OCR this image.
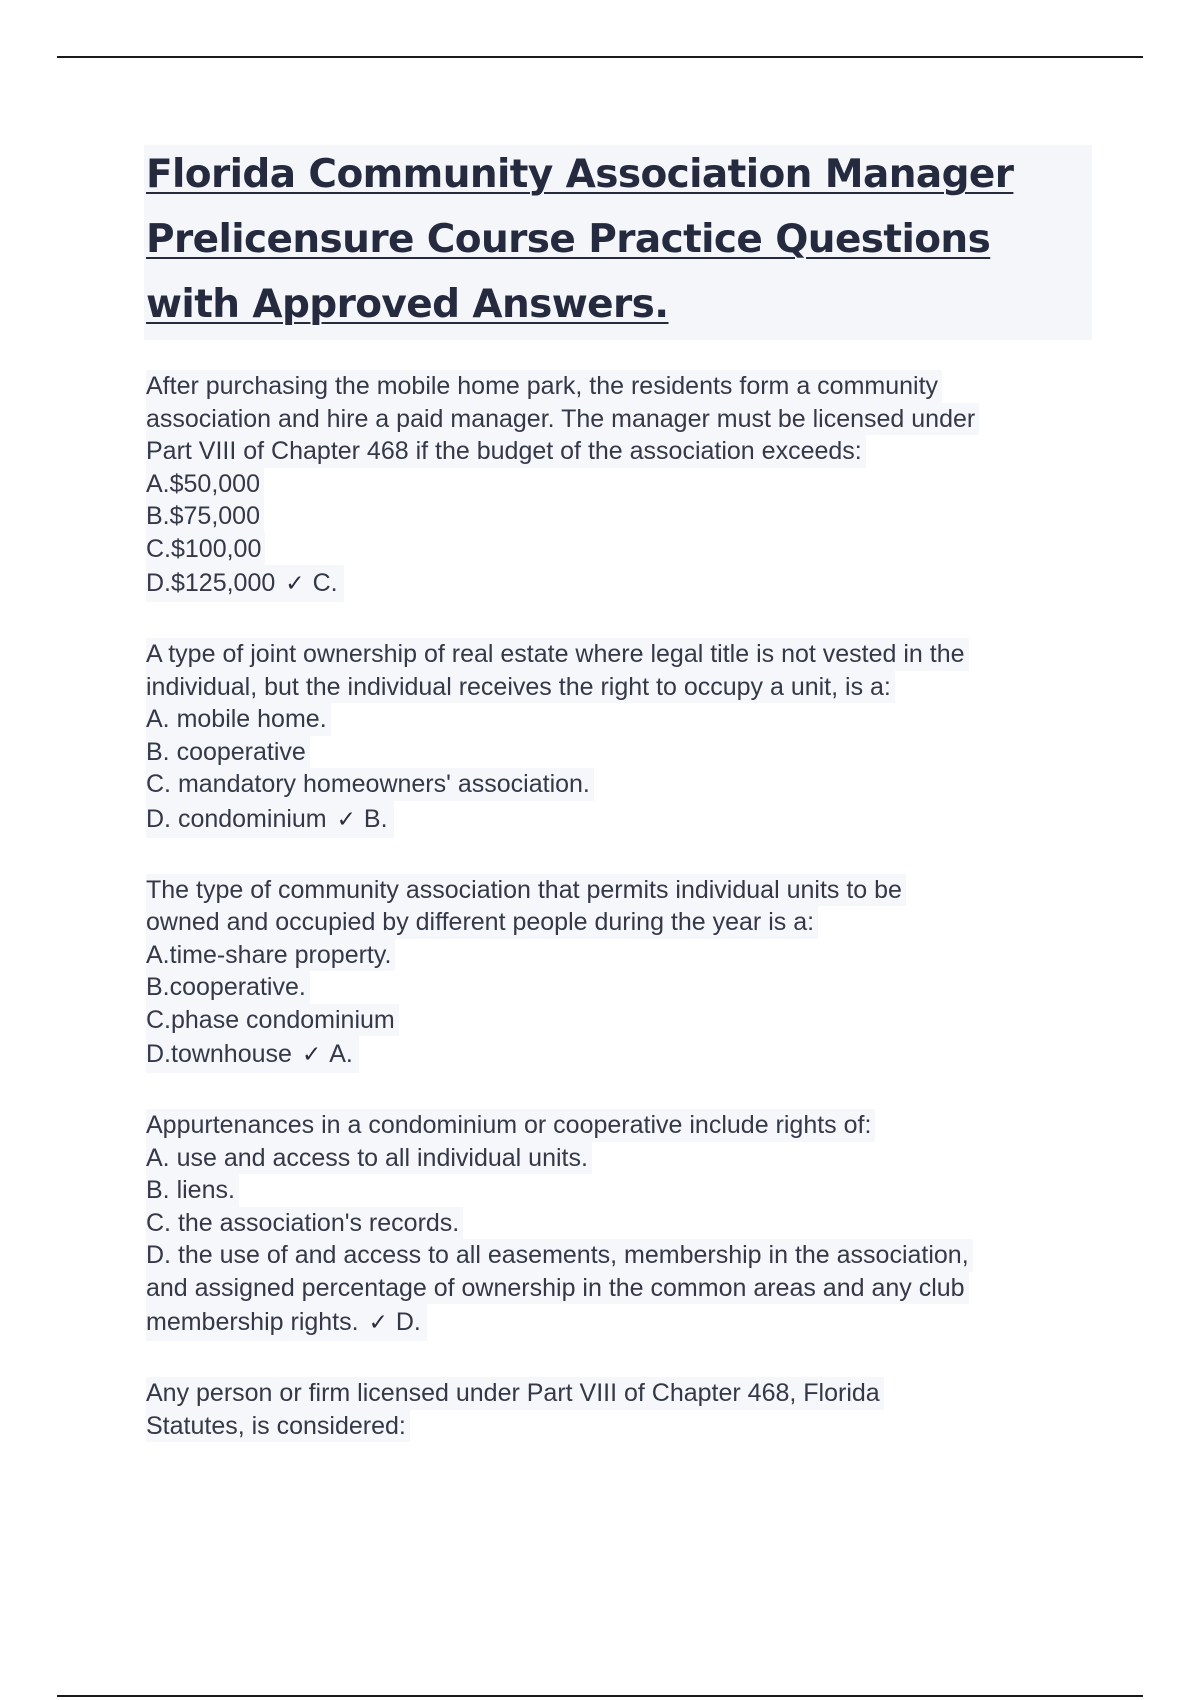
Florida Community Association Manager
Prelicensure Course Practice Questions
with Approved Answers.
After purchasing the mobile home park, the residents form a community
association and hire a paid manager. The manager must be licensed under
Part VIII of Chapter 468 if the budget of the association exceeds:
A.$50,000
B.$75,000
C.$100,00
D.$125,000 ✓ C.
A type of joint ownership of real estate where legal title is not vested in the
individual, but the individual receives the right to occupy a unit, is a:
A. mobile home.
B. cooperative
C. mandatory homeowners' association.
D. condominium ✓ B.
The type of community association that permits individual units to be
owned and occupied by different people during the year is a:
A.time-share property.
B.cooperative.
C.phase condominium
D.townhouse ✓ A.
Appurtenances in a condominium or cooperative include rights of:
A. use and access to all individual units.
B. liens.
C. the association's records.
D. the use of and access to all easements, membership in the association,
and assigned percentage of ownership in the common areas and any club
membership rights. ✓ D.
Any person or firm licensed under Part VIII of Chapter 468, Florida
Statutes, is considered:
